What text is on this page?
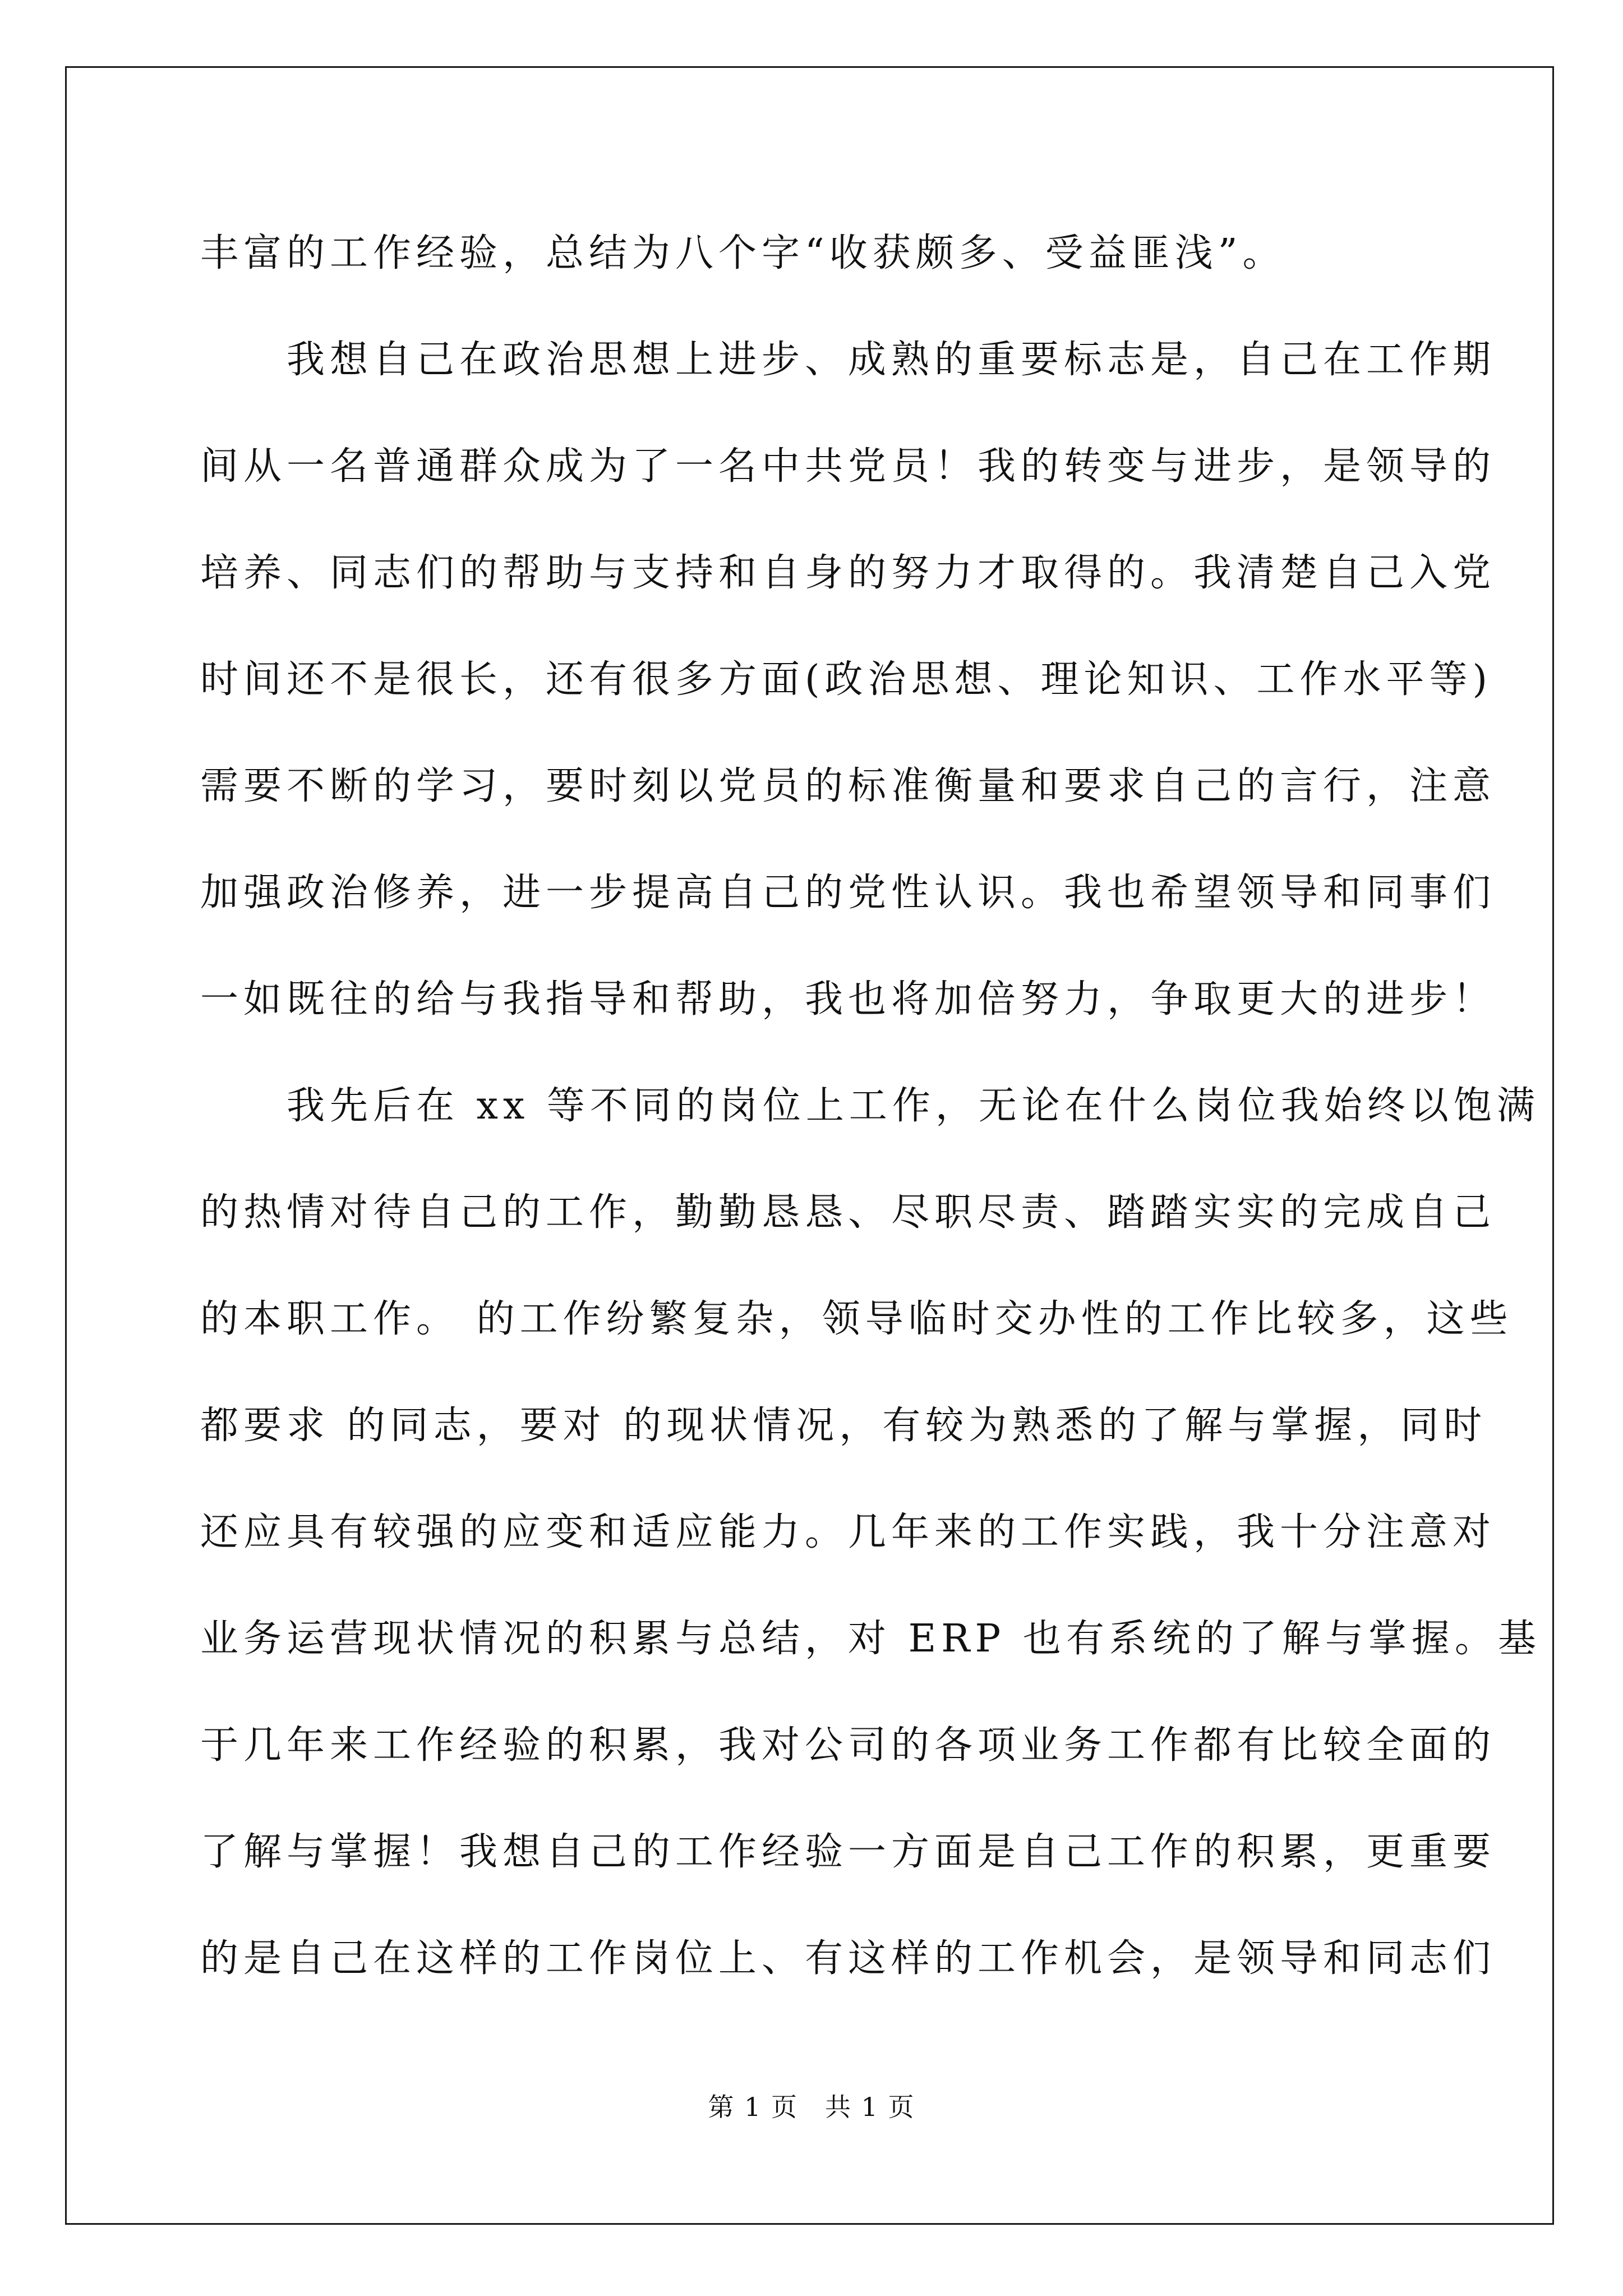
丰富的工作经验，总结为八个字“收获颇多、受益匪浅”。
　　我想自己在政治思想上进步、成熟的重要标志是，自己在工作期
间从一名普通群众成为了一名中共党员！我的转变与进步，是领导的
培养、同志们的帮助与支持和自身的努力才取得的。我清楚自己入党
时间还不是很长，还有很多方面(政治思想、理论知识、工作水平等)
需要不断的学习，要时刻以党员的标准衡量和要求自己的言行，注意
加强政治修养，进一步提高自己的党性认识。我也希望领导和同事们
一如既往的给与我指导和帮助，我也将加倍努力，争取更大的进步！
　　我先后在 xx 等不同的岗位上工作，无论在什么岗位我始终以饱满
的热情对待自己的工作，勤勤恳恳、尽职尽责、踏踏实实的完成自己
的本职工作。 的工作纷繁复杂，领导临时交办性的工作比较多，这些
都要求 的同志，要对 的现状情况，有较为熟悉的了解与掌握，同时
还应具有较强的应变和适应能力。几年来的工作实践，我十分注意对
业务运营现状情况的积累与总结，对 ERP 也有系统的了解与掌握。基
于几年来工作经验的积累，我对公司的各项业务工作都有比较全面的
了解与掌握！我想自己的工作经验一方面是自己工作的积累，更重要
的是自己在这样的工作岗位上、有这样的工作机会，是领导和同志们
第 1 页　共 1 页
